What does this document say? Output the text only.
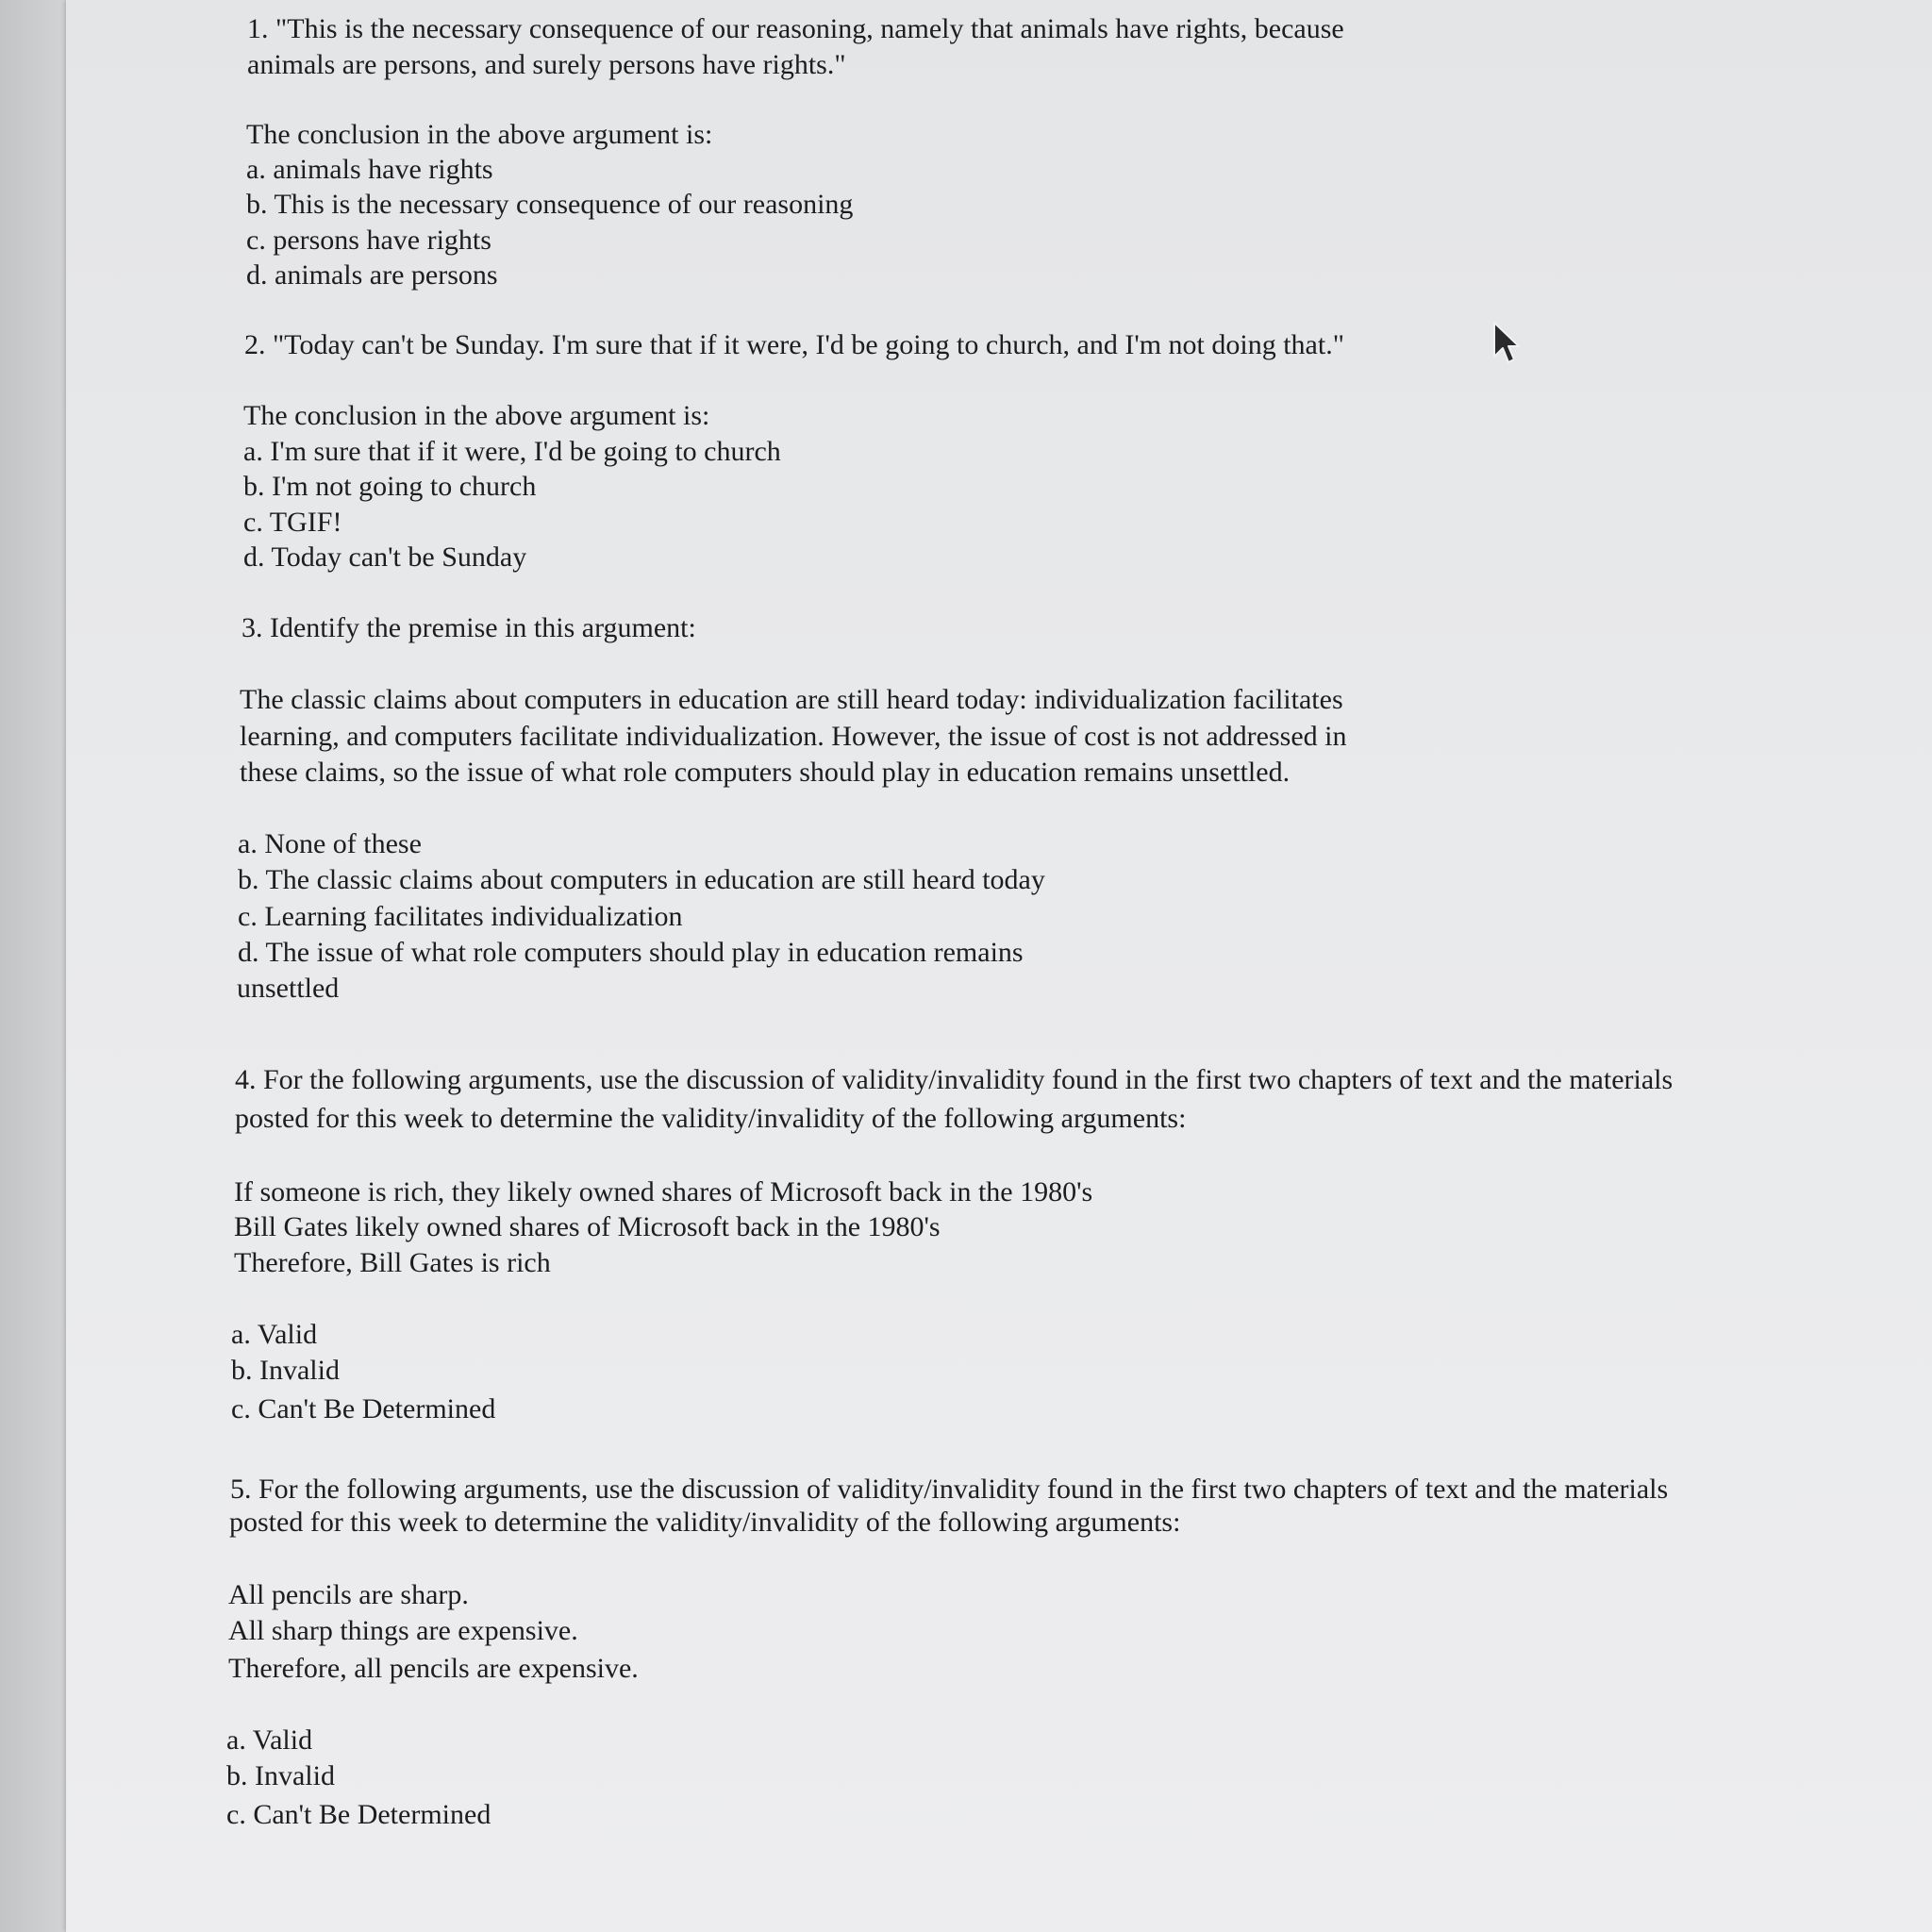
1. "This is the necessary consequence of our reasoning, namely that animals have rights, because
animals are persons, and surely persons have rights."
The conclusion in the above argument is:
a. animals have rights
b. This is the necessary consequence of our reasoning
c. persons have rights
d. animals are persons
2. "Today can't be Sunday. I'm sure that if it were, I'd be going to church, and I'm not doing that."
The conclusion in the above argument is:
a. I'm sure that if it were, I'd be going to church
b. I'm not going to church
c. TGIF!
d. Today can't be Sunday
3. Identify the premise in this argument:
The classic claims about computers in education are still heard today: individualization facilitates
learning, and computers facilitate individualization. However, the issue of cost is not addressed in
these claims, so the issue of what role computers should play in education remains unsettled.
a. None of these
b. The classic claims about computers in education are still heard today
c. Learning facilitates individualization
d. The issue of what role computers should play in education remains
unsettled
4. For the following arguments, use the discussion of validity/invalidity found in the first two chapters of text and the materials
posted for this week to determine the validity/invalidity of the following arguments:
If someone is rich, they likely owned shares of Microsoft back in the 1980's
Bill Gates likely owned shares of Microsoft back in the 1980's
Therefore, Bill Gates is rich
a. Valid
b. Invalid
c. Can't Be Determined
5. For the following arguments, use the discussion of validity/invalidity found in the first two chapters of text and the materials
posted for this week to determine the validity/invalidity of the following arguments:
All pencils are sharp.
All sharp things are expensive.
Therefore, all pencils are expensive.
a. Valid
b. Invalid
c. Can't Be Determined
